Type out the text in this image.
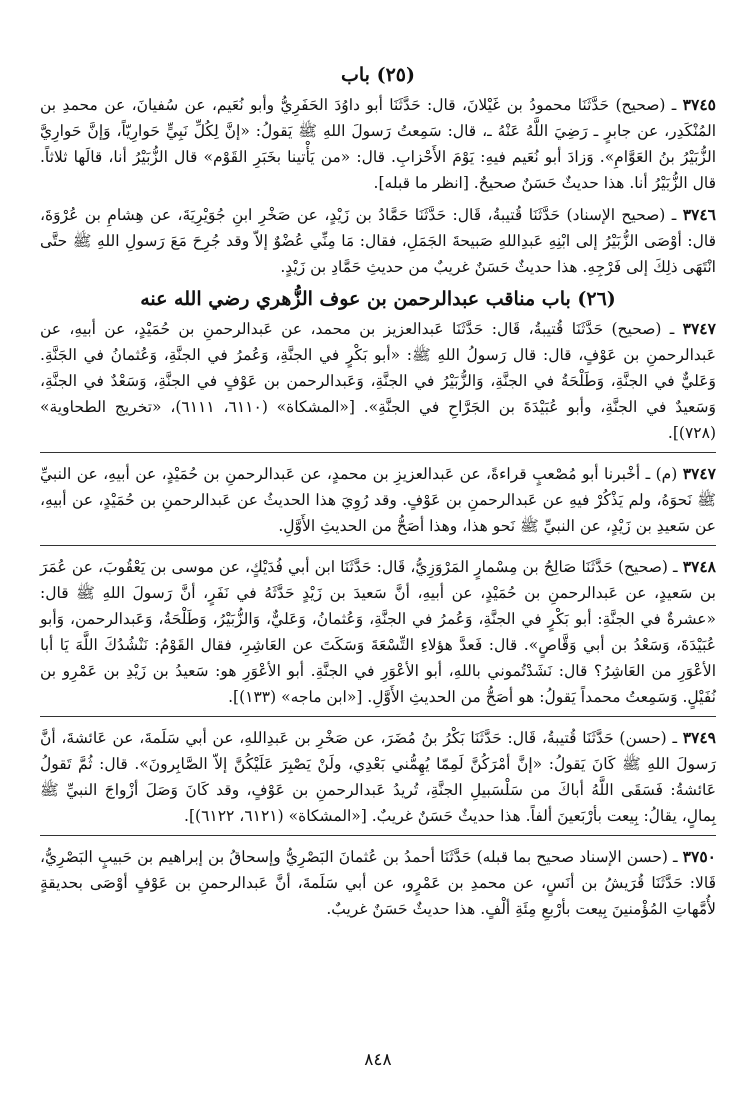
(٢٥) باب
٣٧٤٥ ـ (صحيح) حَدَّثَنَا محمودُ بن غَيْلانَ، قال: حَدَّثَنَا أبو داوُدَ الحَفَرِيُّ وأبو نُعَيم، عن سُفيانَ، عن محمدِ بن المُنْكَدِر، عن جابرٍ ـ رَضِيَ اللَّهُ عَنْهُ ـ، قال: سَمِعتُ رَسولَ اللهِ ﷺ يَقولُ: «إنَّ لِكُلِّ نَبِيٍّ حَوارِيّاً، وَإنَّ حَوارِيَّ الزُّبَيْرُ بنُ العَوَّامِ». وَزادَ أبو نُعَيم فيهِ: يَوْمَ الأَحْزابِ. قال: «من يَأْتينا بخَبَرِ القَوْم» قال الزُّبَيْرُ أنا، قالَها ثلاثاً. قال الزُّبَيْرُ أنا. هذا حديثٌ حَسَنٌ صحيحٌ. [انظر ما قبله].
٣٧٤٦ ـ (صحيح الإسناد) حَدَّثَنَا قُتيبةُ، قَال: حَدَّثَنَا حَمَّادُ بن زَيْدٍ، عن صَخْرِ ابنِ جُوَيْرِيَةَ، عن هِشامِ بن عُرْوَةَ، قال: أوْصَى الزُّبَيْرُ إلى ابْنِهِ عَبدِاللهِ صَبيحةَ الجَمَلِ، فقال: مَا مِنِّي عُضْوٌ إلاّ وقد جُرِحَ مَعَ رَسولِ اللهِ ﷺ حتَّى انْتَهَى ذلِكَ إلى فَرْجِهِ. هذا حديثٌ حَسَنٌ غريبٌ من حديثِ حَمَّادِ بن زَيْدٍ.
(٢٦) باب مناقب عبدالرحمن بن عوف الزُّهري رضي الله عنه
٣٧٤٧ ـ (صحيح) حَدَّثَنَا قُتيبةُ، قَال: حَدَّثَنَا عَبدالعزيز بن محمد، عن عَبدالرحمنِ بن حُمَيْدٍ، عن أبيهِ، عن عَبدالرحمنِ بن عَوْفٍ، قال: قال رَسولُ اللهِ ﷺ: «أبو بَكْرٍ في الجنَّةِ، وَعُمرُ في الجنَّةِ، وَعُثمانُ في الجَنَّةِ. وَعَليٌّ في الجنَّةِ، وَطَلْحَةُ في الجنَّةِ، وَالزُّبَيْرُ في الجنَّةِ، وَعَبدالرحمن بن عَوْفٍ في الجنَّةِ، وَسَعْدٌ في الجنَّةِ، وَسَعيدٌ في الجنَّةِ، وأبو عُبَيْدَةَ بن الجَرَّاحِ في الجنَّةِ». [«المشكاة» (٦١١٠، ٦١١١)، «تخريج الطحاوية» (٧٢٨)].
٣٧٤٧ (م) ـ أخْبرنا أبو مُصْعبٍ قراءةً، عن عَبدالعزيزِ بن محمدٍ، عن عَبدالرحمنِ بن حُمَيْدٍ، عن أبيهِ، عن النبيِّ ﷺ نَحوَهُ، ولم يَذْكُرْ فيهِ عن عَبدالرحمنِ بن عَوْفٍ. وقد رُوِيَ هذا الحديثُ عن عَبدالرحمنِ بن حُمَيْدٍ، عن أبيهِ، عن سَعيدِ بن زَيْدٍ، عن النبيِّ ﷺ نَحو هذا، وهذا أصَحُّ من الحديثِ الأَوَّلِ.
٣٧٤٨ ـ (صحيح) حَدَّثَنَا صَالِحُ بن مِسْمارٍ المَرْوَزِيُّ، قَال: حَدَّثَنَا ابن أبي فُدَيْكٍ، عن موسى بن يَعْقُوبَ، عن عُمَرَ بن سَعيدٍ، عن عَبدالرحمنِ بن حُمَيْدٍ، عن أبيهِ، أنَّ سَعيدَ بن زَيْدٍ حَدَّثَهُ في نَفَرٍ، أنَّ رَسولَ اللهِ ﷺ قال: «عشرةٌ في الجنَّةِ: أبو بَكْرٍ في الجنَّةِ، وَعُمرُ في الجنَّةِ، وَعُثمانُ، وَعَليٌّ، وَالزُّبَيْرُ، وَطَلْحَةُ، وَعَبدالرحمن، وَأبو عُبَيْدَةَ، وَسَعْدُ بن أبي وَقَّاصٍ». قال: فَعدَّ هؤلاءِ التِّسْعَةَ وَسَكَتَ عن العَاشِرِ، فقال القَوْمُ: نَنْشُدُكَ اللَّهَ يَا أبا الأعْوَرِ من العَاشِرُ؟ قال: نَشَدْتُموني باللهِ، أبو الأعْوَرِ في الجنَّةِ. أبو الأعْوَرِ هو: سَعيدُ بن زَيْدِ بن عَمْرِو بن نُفَيْلٍ. وَسَمِعتُ محمداً يَقولُ: هو أصَحُّ من الحديثِ الأَوَّلِ. [«ابن ماجه» (١٣٣)].
٣٧٤٩ ـ (حسن) حَدَّثَنَا قُتيبةُ، قَال: حَدَّثَنَا بَكْرُ بنُ مُضَرَ، عن صَخْرِ بن عَبدِاللهِ، عن أبي سَلَمةَ، عن عَائشةَ، أنَّ رَسولَ اللهِ ﷺ كَانَ يَقولُ: «إنَّ أمْرَكُنَّ لَمِمّا يُهِمُّني بَعْدِي، ولَنْ يَصْبِرَ عَلَيْكُنَّ إلاّ الصَّابِرونَ». قال: ثُمَّ تَقولُ عَائشةُ: فَسَقَى اللَّهُ أباكَ من سَلْسَبيلِ الجنَّةِ، تُريدُ عَبدالرحمنِ بن عَوْفٍ، وقد كَانَ وَصَلَ أزْواجَ النبيِّ ﷺ بِمالٍ، يقالُ: بِيعت بأرْبَعينَ ألفاً. هذا حديثٌ حَسَنٌ غريبٌ. [«المشكاة» (٦١٢١، ٦١٢٢)].
٣٧٥٠ ـ (حسن الإسناد صحيح بما قبله) حَدَّثَنَا أحمدُ بن عُثمانَ البَصْرِيُّ وإسحاقُ بن إبراهيم بن حَبيبٍ البَصْرِيُّ، قَالا: حَدَّثَنَا قُرَيشُ بن أنَسٍ، عن محمدِ بن عَمْرٍو، عن أبي سَلَمةَ، أنَّ عَبدالرحمنِ بن عَوْفٍ أوْصَى بحديقةٍ لأُمَّهاتِ المُؤْمنينَ بِيعت بأرْبعِ مِئَةِ ألْفٍ. هذا حديثٌ حَسَنٌ غريبٌ.
٨٤٨
